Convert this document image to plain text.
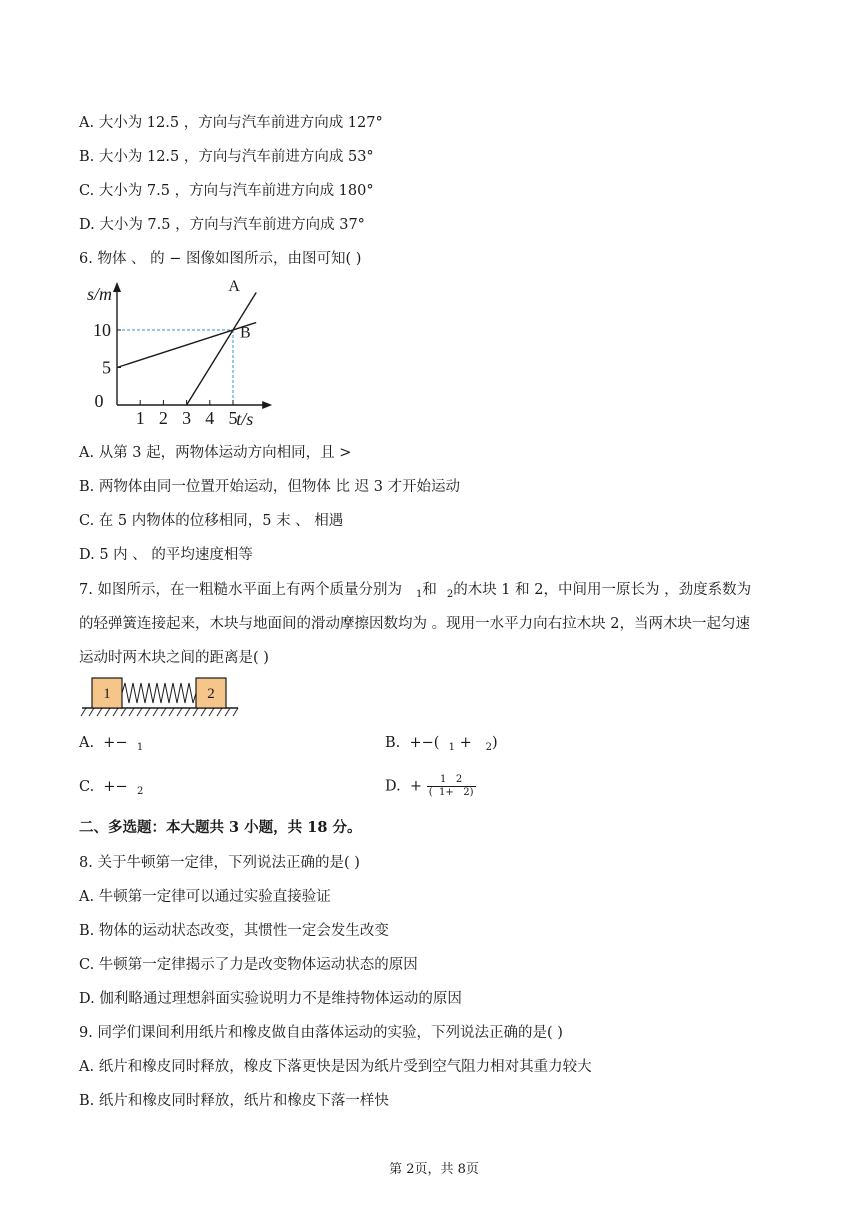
A. 大小为 12.5 ，方向与汽车前进方向成 127°
B. 大小为 12.5 ，方向与汽车前进方向成 53°
C. 大小为 7.5 ，方向与汽车前进方向成 180°
D. 大小为 7.5 ，方向与汽车前进方向成 37°
6. 物体 、 的 − 图像如图所示，由图可知( )
A
B
0
1 2 3 4 5
5
10
s/m
t/s
A. 从第 3 起，两物体运动方向相同，且 >
B. 两物体由同一位置开始运动，但物体 比 迟 3 才开始运动
C. 在 5 内物体的位移相同，5 末 、 相遇
D. 5 内 、 的平均速度相等
7. 如图所示，在一粗糙水平面上有两个质量分别为 $_1$和 $_2$的木块 1 和 2，中间用一原长为 ，劲度系数为
的轻弹簧连接起来，木块与地面间的滑动摩擦因数均为 。现用一水平力向右拉木块 2，当两木块一起匀速
运动时两木块之间的距离是( )
1	2
A.  +−  $_1$	B.  +−(  $_1$ +   $_2$)
C.  +−  $_2$	D.  + $\frac{1 2}{( 1+ 2)}$
二、多选题：本大题共 3 小题，共 18 分。
8. 关于牛顿第一定律，下列说法正确的是( )
A. 牛顿第一定律可以通过实验直接验证
B. 物体的运动状态改变，其惯性一定会发生改变
C. 牛顿第一定律揭示了力是改变物体运动状态的原因
D. 伽利略通过理想斜面实验说明力不是维持物体运动的原因
9. 同学们课间利用纸片和橡皮做自由落体运动的实验，下列说法正确的是( )
A. 纸片和橡皮同时释放，橡皮下落更快是因为纸片受到空气阻力相对其重力较大
B. 纸片和橡皮同时释放，纸片和橡皮下落一样快
第 2页，共 8页
